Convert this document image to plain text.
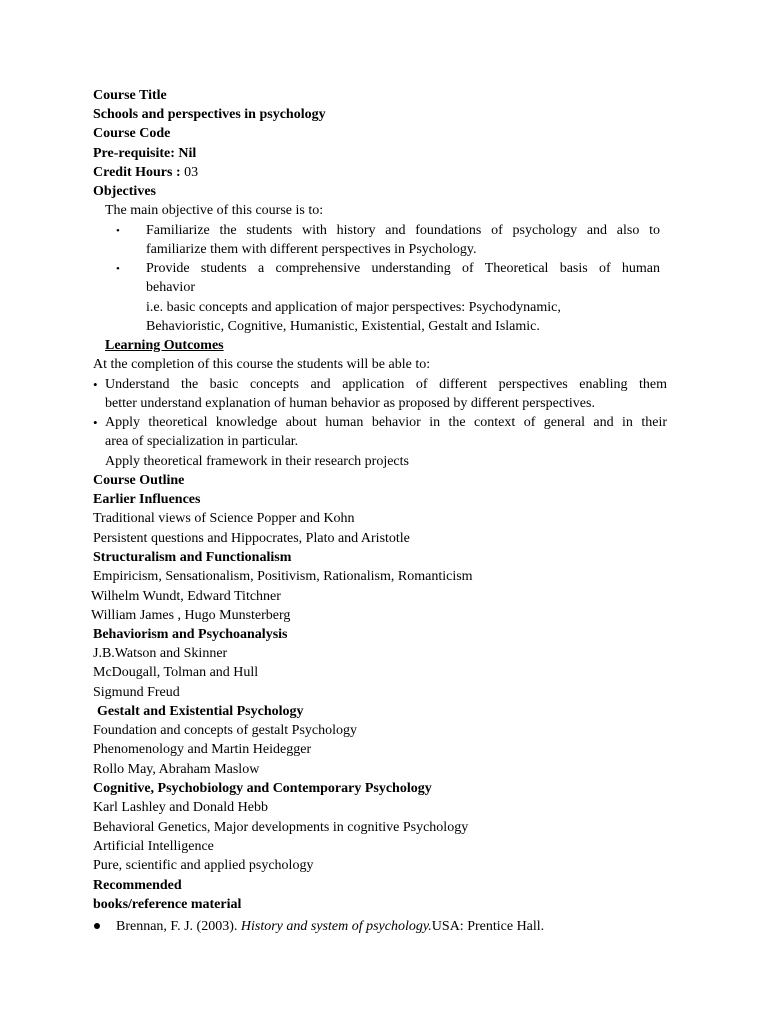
Course Title
Schools and perspectives in psychology
Course Code
Pre-requisite: Nil
Credit Hours : 03
Objectives
The main objective of this course is to:
• Familiarize the students with history and foundations of psychology and also to
familiarize them with different perspectives in Psychology.
• Provide students a comprehensive understanding of Theoretical basis of human
behavior
i.e. basic concepts and application of major perspectives: Psychodynamic,
Behavioristic, Cognitive, Humanistic, Existential, Gestalt and Islamic.
Learning Outcomes
At the completion of this course the students will be able to:
• Understand the basic concepts and application of different perspectives enabling them
better understand explanation of human behavior as proposed by different perspectives.
• Apply theoretical knowledge about human behavior in the context of general and in their
area of specialization in particular.
Apply theoretical framework in their research projects
Course Outline
Earlier Influences
Traditional views of Science Popper and Kohn
Persistent questions and Hippocrates, Plato and Aristotle
Structuralism and Functionalism
Empiricism, Sensationalism, Positivism, Rationalism, Romanticism
Wilhelm Wundt, Edward Titchner
William James , Hugo Munsterberg
Behaviorism and Psychoanalysis
J.B.Watson and Skinner
McDougall, Tolman and Hull
Sigmund Freud
Gestalt and Existential Psychology
Foundation and concepts of gestalt Psychology
Phenomenology and Martin Heidegger
Rollo May, Abraham Maslow
Cognitive, Psychobiology and Contemporary Psychology
Karl Lashley and Donald Hebb
Behavioral Genetics, Major developments in cognitive Psychology
Artificial Intelligence
Pure, scientific and applied psychology
Recommended
books/reference material
Brennan, F. J. (2003). History and system of psychology.USA: Prentice Hall.
